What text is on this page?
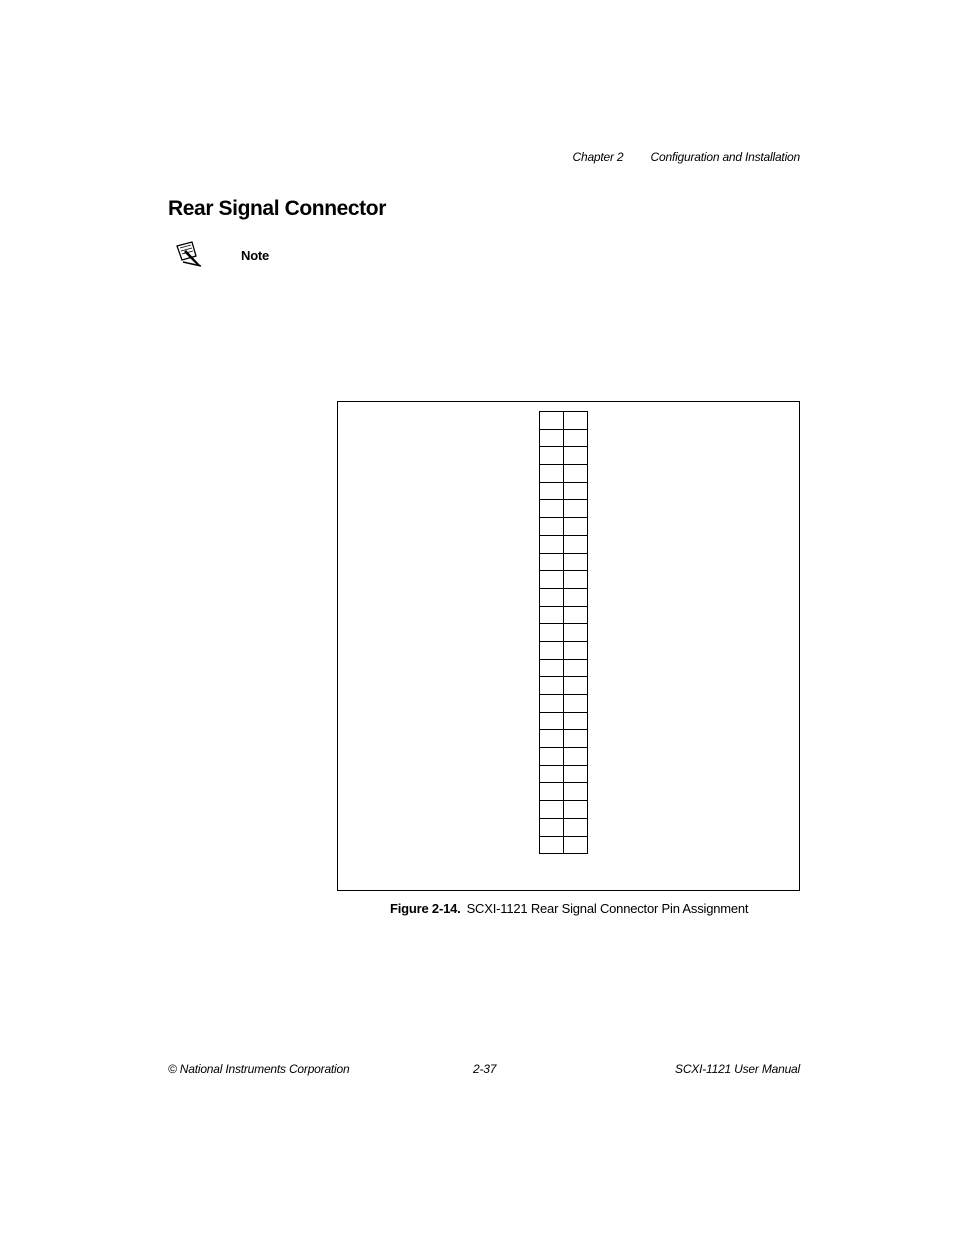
Chapter 2 Configuration and Installation
Rear Signal Connector
Note
Figure 2-14. SCXI-1121 Rear Signal Connector Pin Assignment
© National Instruments Corporation	2-37	SCXI-1121 User Manual
